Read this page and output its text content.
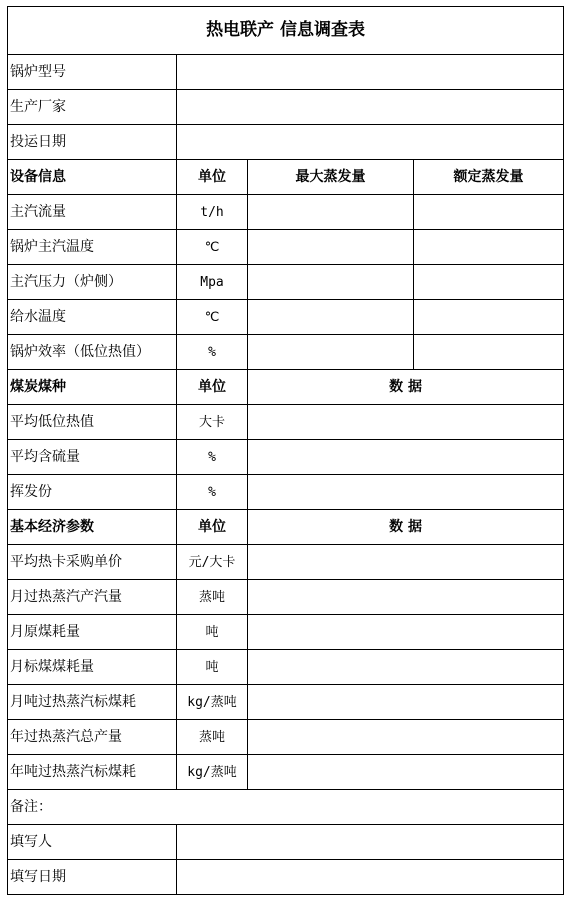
热电联产 信息调查表			
锅炉型号			
生产厂家			
投运日期			
设备信息	单位	最大蒸发量	额定蒸发量
主汽流量	t/h		
锅炉主汽温度	℃		
主汽压力（炉侧）	Mpa		
给水温度	℃		
锅炉效率（低位热值）	%		
煤炭煤种	单位	数 据	
平均低位热值	大卡		
平均含硫量	%		
挥发份	%		
基本经济参数	单位	数 据	
平均热卡采购单价	元/大卡		
月过热蒸汽产汽量	蒸吨		
月原煤耗量	吨		
月标煤煤耗量	吨		
月吨过热蒸汽标煤耗	kg/蒸吨		
年过热蒸汽总产量	蒸吨		
年吨过热蒸汽标煤耗	kg/蒸吨		
备注：			
填写人			
填写日期			
